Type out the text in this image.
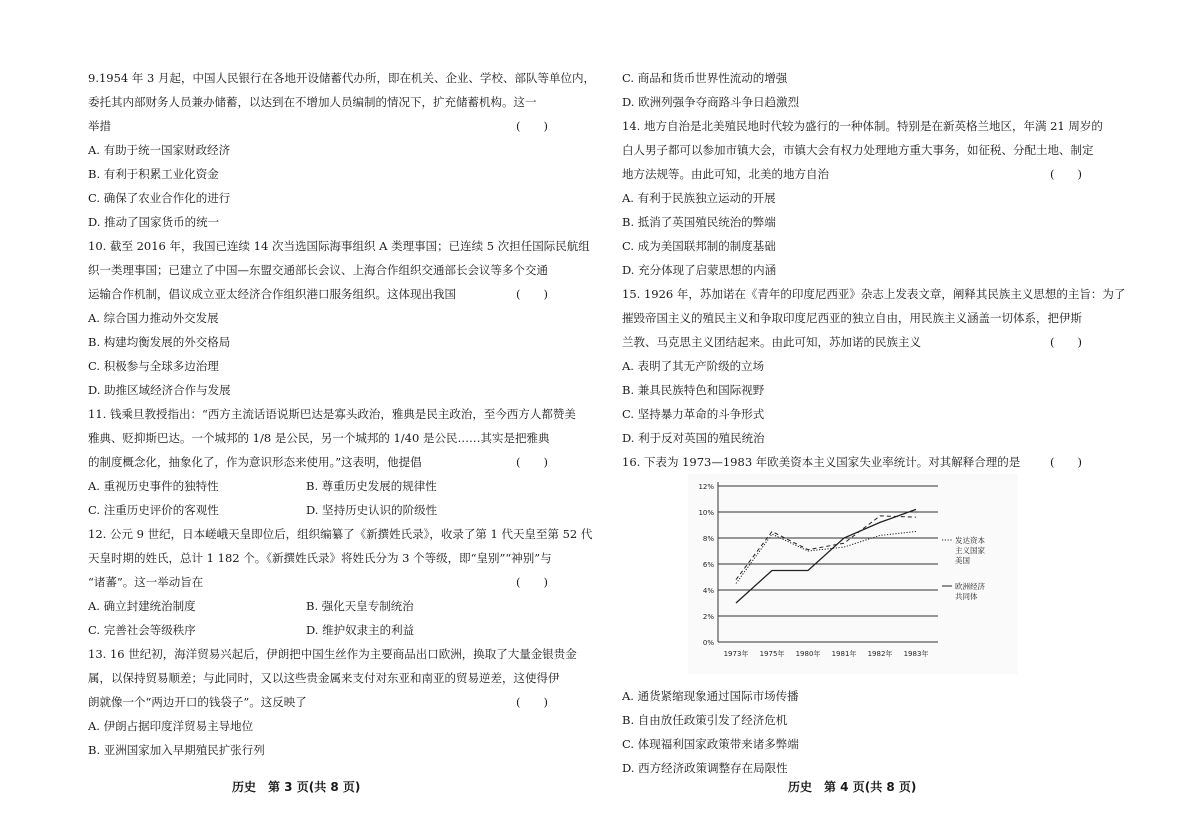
9.1954 年 3 月起，中国人民银行在各地开设储蓄代办所，即在机关、企业、学校、部队等单位内，
委托其内部财务人员兼办储蓄，以达到在不增加人员编制的情况下，扩充储蓄机构。这一
举措	(　　)
A. 有助于统一国家财政经济
B. 有利于积累工业化资金
C. 确保了农业合作化的进行
D. 推动了国家货币的统一
10. 截至 2016 年，我国已连续 14 次当选国际海事组织 A 类理事国；已连续 5 次担任国际民航组
织一类理事国；已建立了中国—东盟交通部长会议、上海合作组织交通部长会议等多个交通
运输合作机制，倡议成立亚太经济合作组织港口服务组织。这体现出我国	(　　)
A. 综合国力推动外交发展
B. 构建均衡发展的外交格局
C. 积极参与全球多边治理
D. 助推区域经济合作与发展
11. 钱乘旦教授指出：“西方主流话语说斯巴达是寡头政治，雅典是民主政治，至今西方人都赞美
雅典、贬抑斯巴达。一个城邦的 1/8 是公民，另一个城邦的 1/40 是公民……其实是把雅典
的制度概念化，抽象化了，作为意识形态来使用。”这表明，他提倡	(　　)
A. 重视历史事件的独特性	B. 尊重历史发展的规律性
C. 注重历史评价的客观性	D. 坚持历史认识的阶级性
12. 公元 9 世纪，日本嵯峨天皇即位后，组织编纂了《新撰姓氏录》，收录了第 1 代天皇至第 52 代
天皇时期的姓氏，总计 1 182 个。《新撰姓氏录》将姓氏分为 3 个等级，即“皇别”“神别”与
“诸蕃”。这一举动旨在	(　　)
A. 确立封建统治制度	B. 强化天皇专制统治
C. 完善社会等级秩序	D. 维护奴隶主的利益
13. 16 世纪初，海洋贸易兴起后，伊朗把中国生丝作为主要商品出口欧洲，换取了大量金银贵金
属，以保持贸易顺差；与此同时，又以这些贵金属来支付对东亚和南亚的贸易逆差，这使得伊
朗就像一个“两边开口的钱袋子”。这反映了	(　　)
A. 伊朗占据印度洋贸易主导地位
B. 亚洲国家加入早期殖民扩张行列
历史　第 3 页(共 8 页)
C. 商品和货币世界性流动的增强
D. 欧洲列强争夺商路斗争日趋激烈
14. 地方自治是北美殖民地时代较为盛行的一种体制。特别是在新英格兰地区，年满 21 周岁的
白人男子都可以参加市镇大会，市镇大会有权力处理地方重大事务，如征税、分配土地、制定
地方法规等。由此可知，北美的地方自治	(　　)
A. 有利于民族独立运动的开展
B. 抵消了英国殖民统治的弊端
C. 成为美国联邦制的制度基础
D. 充分体现了启蒙思想的内涵
15. 1926 年，苏加诺在《青年的印度尼西亚》杂志上发表文章，阐释其民族主义思想的主旨：为了
摧毁帝国主义的殖民主义和争取印度尼西亚的独立自由，用民族主义涵盖一切体系，把伊斯
兰教、马克思主义团结起来。由此可知，苏加诺的民族主义	(　　)
A. 表明了其无产阶级的立场
B. 兼具民族特色和国际视野
C. 坚持暴力革命的斗争形式
D. 利于反对英国的殖民统治
16. 下表为 1973—1983 年欧美资本主义国家失业率统计。对其解释合理的是	(　　)
A. 通货紧缩现象通过国际市场传播
B. 自由放任政策引发了经济危机
C. 体现福利国家政策带来诸多弊端
D. 西方经济政策调整存在局限性
0%
2%
4%
6%
8%
10%
12%
1973年 1975年 1980年 1981年 1982年 1983年
发达资本
主义国家
美国
欧洲经济
共同体
历史　第 4 页(共 8 页)
